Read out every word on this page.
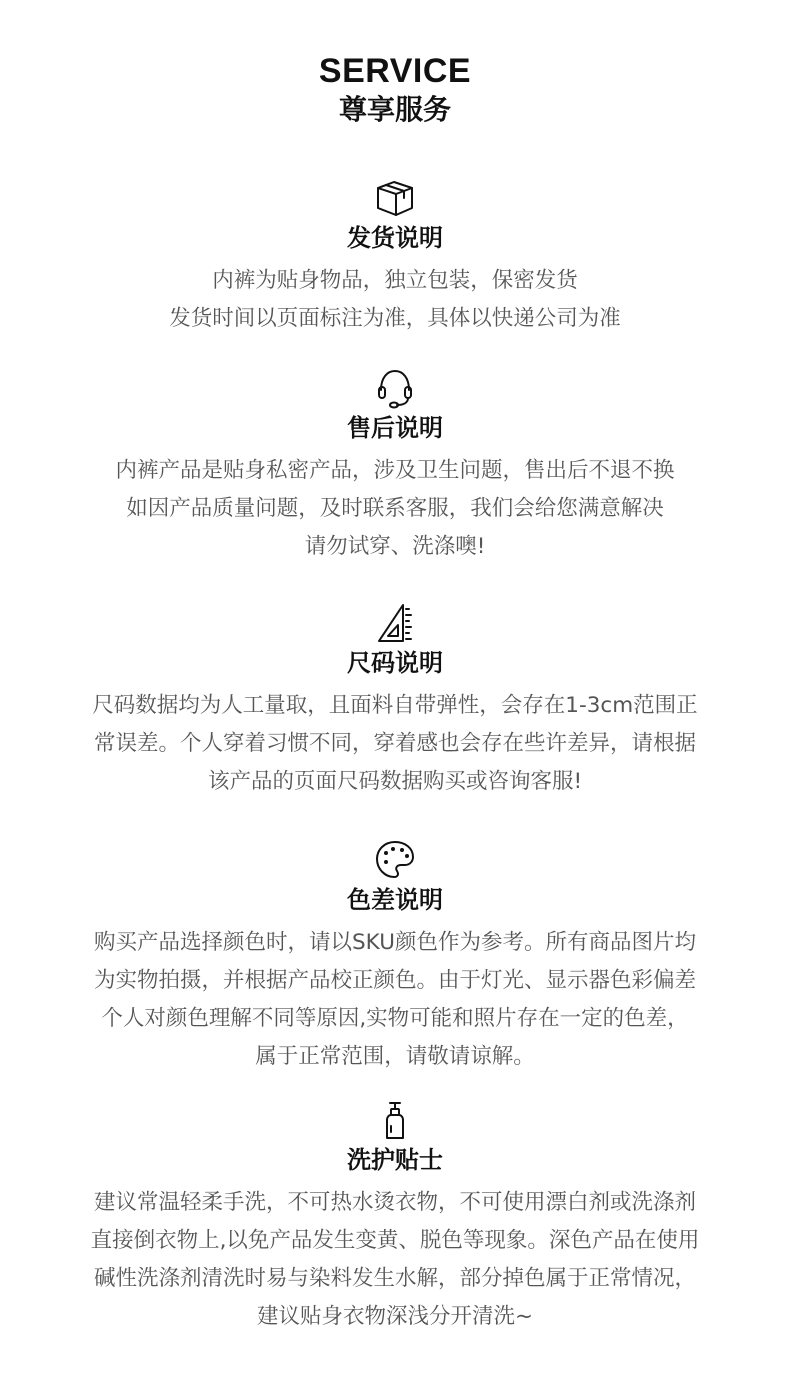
SERVICE
尊享服务
发货说明
内裤为贴身物品，独立包装，保密发货
发货时间以页面标注为准，具体以快递公司为准
售后说明
内裤产品是贴身私密产品，涉及卫生问题，售出后不退不换
如因产品质量问题，及时联系客服，我们会给您满意解决
请勿试穿、洗涤噢!
尺码说明
尺码数据均为人工量取，且面料自带弹性，会存在1-3cm范围正
常误差。个人穿着习惯不同，穿着感也会存在些许差异，请根据
该产品的页面尺码数据购买或咨询客服!
色差说明
购买产品选择颜色时，请以SKU颜色作为参考。所有商品图片均
为实物拍摄，并根据产品校正颜色。由于灯光、显示器色彩偏差
个人对颜色理解不同等原因,实物可能和照片存在一定的色差，
属于正常范围，请敬请谅解。
洗护贴士
建议常温轻柔手洗，不可热水烫衣物，不可使用漂白剂或洗涤剂
直接倒衣物上,以免产品发生变黄、脱色等现象。深色产品在使用
碱性洗涤剂清洗时易与染料发生水解，部分掉色属于正常情况，
建议贴身衣物深浅分开清洗~
